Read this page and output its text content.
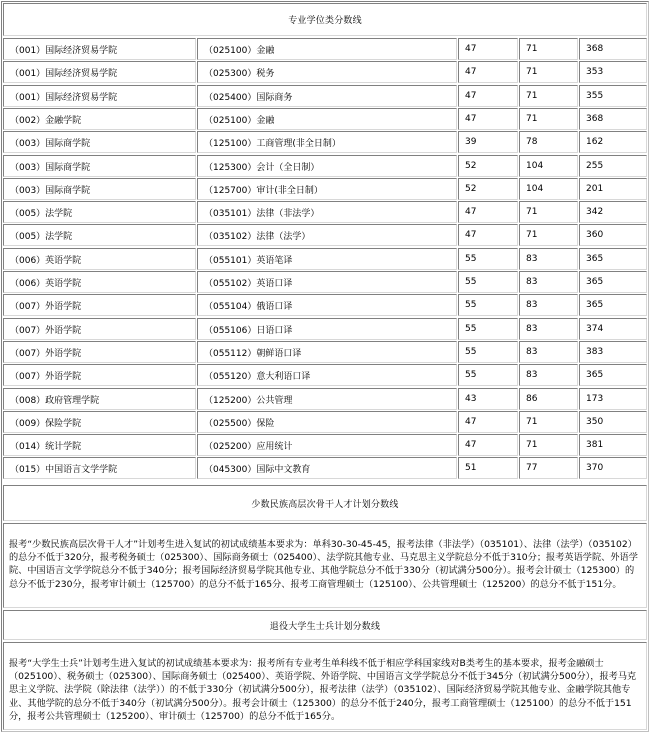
专业学位类分数线
（001）国际经济贸易学院	（025100）金融	47	71	368
（001）国际经济贸易学院	（025300）税务	47	71	353
（001）国际经济贸易学院	（025400）国际商务	47	71	355
（002）金融学院	（025100）金融	47	71	368
（003）国际商学院	（125100）工商管理(非全日制）	39	78	162
（003）国际商学院	（125300）会计（全日制）	52	104	255
（003）国际商学院	（125700）审计(非全日制）	52	104	201
（005）法学院	（035101）法律（非法学）	47	71	342
（005）法学院	（035102）法律（法学）	47	71	360
（006）英语学院	（055101）英语笔译	55	83	365
（006）英语学院	（055102）英语口译	55	83	365
（007）外语学院	（055104）俄语口译	55	83	365
（007）外语学院	（055106）日语口译	55	83	374
（007）外语学院	（055112）朝鲜语口译	55	83	383
（007）外语学院	（055120）意大利语口译	55	83	365
（008）政府管理学院	（125200）公共管理	43	86	173
（009）保险学院	（025500）保险	47	71	350
（014）统计学院	（025200）应用统计	47	71	381
（015）中国语言文学学院	（045300）国际中文教育	51	77	370
少数民族高层次骨干人才计划分数线
报考“少数民族高层次骨干人才”计划考生进入复试的初试成绩基本要求为：单科30-30-45-45，报考法律（非法学）（035101）、法律（法学）（035102）的总分不低于320分，报考税务硕士（025300）、国际商务硕士（025400）、法学院其他专业、马克思主义学院总分不低于310分；报考英语学院、外语学院、中国语言文学学院总分不低于340分；报考国际经济贸易学院其他专业、其他学院总分不低于330分（初试满分500分）。报考会计硕士（125300）的总分不低于230分，报考审计硕士（125700）的总分不低于165分、报考工商管理硕士（125100）、公共管理硕士（125200）的总分不低于151分。
退役大学生士兵计划分数线
报考“大学生士兵”计划考生进入复试的初试成绩基本要求为：报考所有专业考生单科线不低于相应学科国家线对B类考生的基本要求，报考金融硕士（025100）、税务硕士（025300）、国际商务硕士（025400）、英语学院、外语学院、中国语言文学学院总分不低于345分（初试满分500分），报考马克思主义学院、法学院（除法律（法学））的不低于330分（初试满分500分），报考法律（法学）（035102）、国际经济贸易学院其他专业、金融学院其他专业、其他学院的总分不低于340分（初试满分500分）。报考会计硕士（125300）的总分不低于240分，报考工商管理硕士（125100）的总分不低于151分，报考公共管理硕士（125200）、审计硕士（125700）的总分不低于165分。
